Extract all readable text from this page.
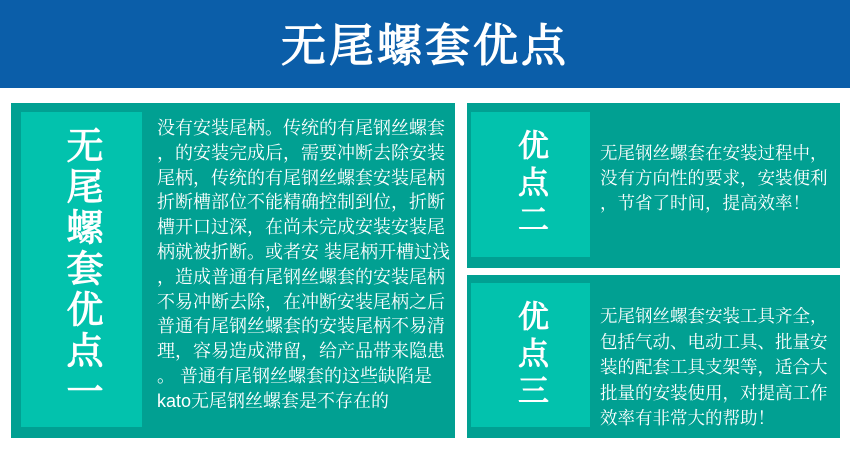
无尾螺套优点
无尾螺套优点一	没有安装尾柄。传统的有尾钢丝螺套
，的安装完成后，需要冲断去除安装
尾柄，传统的有尾钢丝螺套安装尾柄
折断槽部位不能精确控制到位，折断
槽开口过深，在尚未完成安装安装尾
柄就被折断。或者安 装尾柄开槽过浅
，造成普通有尾钢丝螺套的安装尾柄
不易冲断去除，在冲断安装尾柄之后
普通有尾钢丝螺套的安装尾柄不易清
理，容易造成滞留，给产品带来隐患
。 普通有尾钢丝螺套的这些缺陷是
kato无尾钢丝螺套是不存在的
优点二	无尾钢丝螺套在安装过程中，
没有方向性的要求，安装便利
，节省了时间，提高效率！
优点三	无尾钢丝螺套安装工具齐全，
包括气动、电动工具、批量安
装的配套工具支架等，适合大
批量的安装使用，对提高工作
效率有非常大的帮助！
